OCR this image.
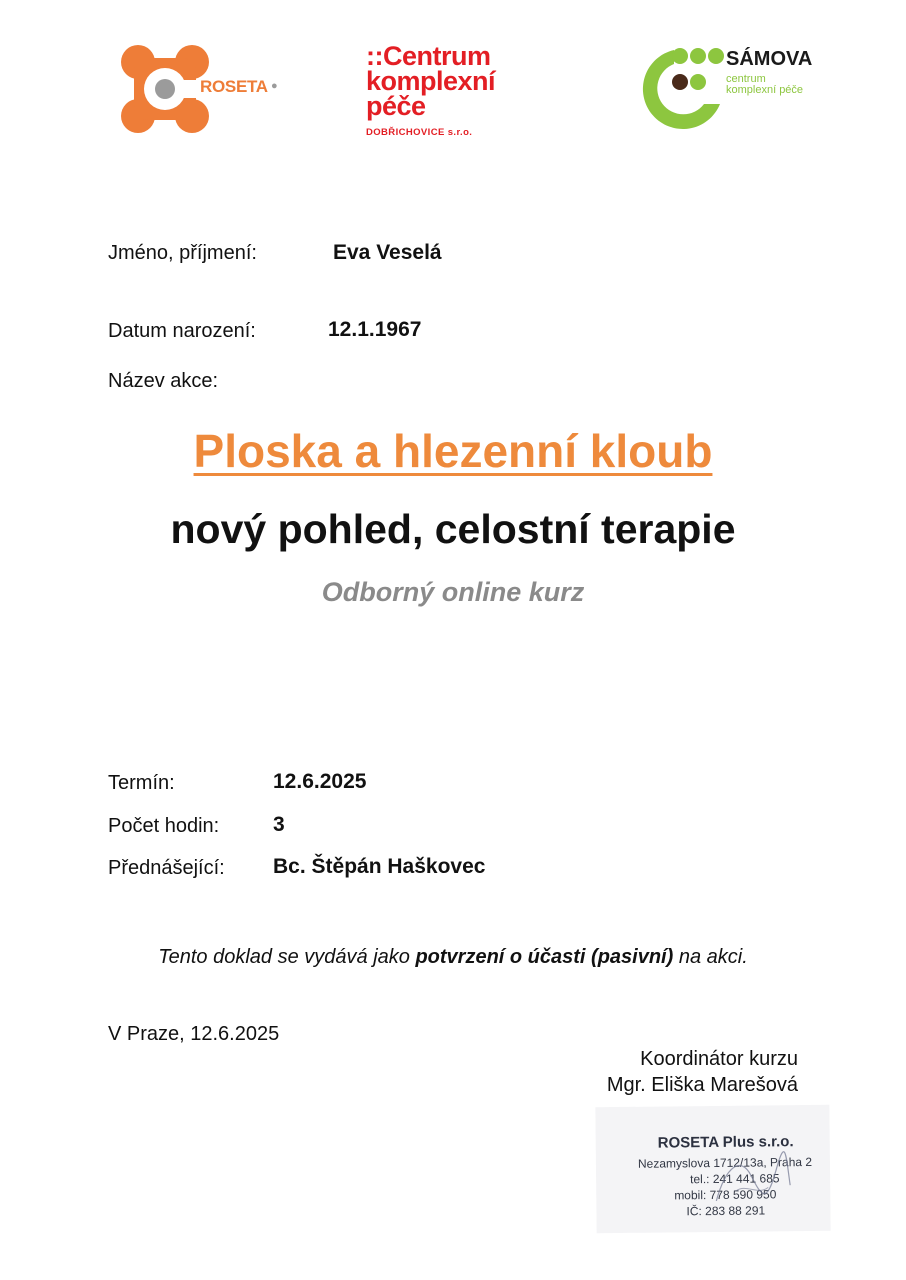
ROSETA ●
::Centrum
komplexní
péče
DOBŘICHOVICE s.r.o.
SÁMOVA
centrum
komplexní péče
Jméno, příjmení:	Eva Veselá
Datum narození:	12.1.1967
Název akce:
Ploska a hlezenní kloub
nový pohled, celostní terapie
Odborný online kurz
Termín:	12.6.2025
Počet hodin:	3
Přednášející: Bc. Štěpán Haškovec
Tento doklad se vydává jako potvrzení o účasti (pasivní) na akci.
V Praze, 12.6.2025
Koordinátor kurzu
Mgr. Eliška Marešová
ROSETA Plus s.r.o.
Nezamyslova 1712/13a, Praha 2
tel.: 241 441 685
mobil: 778 590 950
IČ: 283 88 291
